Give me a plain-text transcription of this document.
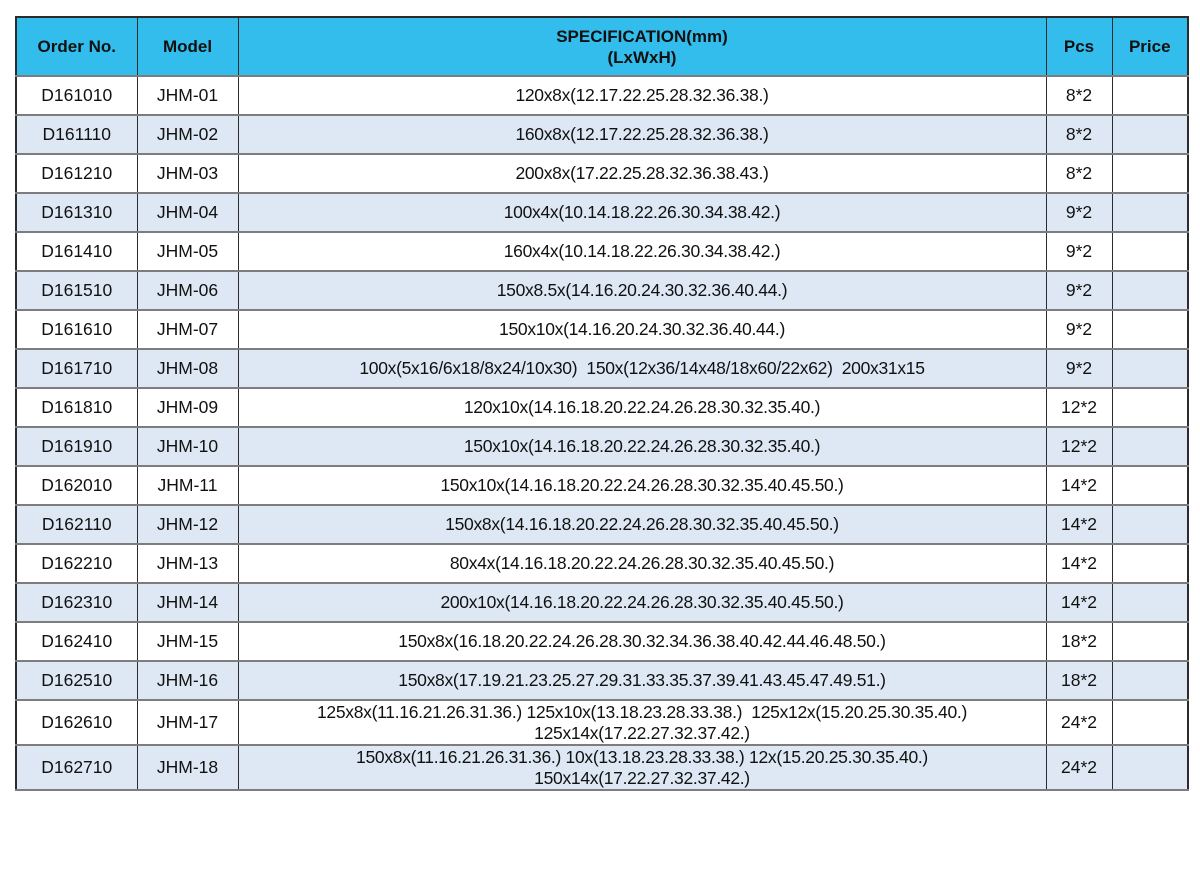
Order No.	Model	SPECIFICATION(mm)
(LxWxH)	Pcs	Price
D161010	JHM-01	120x8x(12.17.22.25.28.32.36.38.)	8*2	
D161110	JHM-02	160x8x(12.17.22.25.28.32.36.38.)	8*2	
D161210	JHM-03	200x8x(17.22.25.28.32.36.38.43.)	8*2	
D161310	JHM-04	100x4x(10.14.18.22.26.30.34.38.42.)	9*2	
D161410	JHM-05	160x4x(10.14.18.22.26.30.34.38.42.)	9*2	
D161510	JHM-06	150x8.5x(14.16.20.24.30.32.36.40.44.)	9*2	
D161610	JHM-07	150x10x(14.16.20.24.30.32.36.40.44.)	9*2	
D161710	JHM-08	100x(5x16/6x18/8x24/10x30)  150x(12x36/14x48/18x60/22x62)  200x31x15	9*2	
D161810	JHM-09	120x10x(14.16.18.20.22.24.26.28.30.32.35.40.)	12*2	
D161910	JHM-10	150x10x(14.16.18.20.22.24.26.28.30.32.35.40.)	12*2	
D162010	JHM-11	150x10x(14.16.18.20.22.24.26.28.30.32.35.40.45.50.)	14*2	
D162110	JHM-12	150x8x(14.16.18.20.22.24.26.28.30.32.35.40.45.50.)	14*2	
D162210	JHM-13	80x4x(14.16.18.20.22.24.26.28.30.32.35.40.45.50.)	14*2	
D162310	JHM-14	200x10x(14.16.18.20.22.24.26.28.30.32.35.40.45.50.)	14*2	
D162410	JHM-15	150x8x(16.18.20.22.24.26.28.30.32.34.36.38.40.42.44.46.48.50.)	18*2	
D162510	JHM-16	150x8x(17.19.21.23.25.27.29.31.33.35.37.39.41.43.45.47.49.51.)	18*2	
D162610	JHM-17	125x8x(11.16.21.26.31.36.) 125x10x(13.18.23.28.33.38.)  125x12x(15.20.25.30.35.40.)
125x14x(17.22.27.32.37.42.)	24*2	
D162710	JHM-18	150x8x(11.16.21.26.31.36.) 10x(13.18.23.28.33.38.) 12x(15.20.25.30.35.40.)
150x14x(17.22.27.32.37.42.)	24*2	
